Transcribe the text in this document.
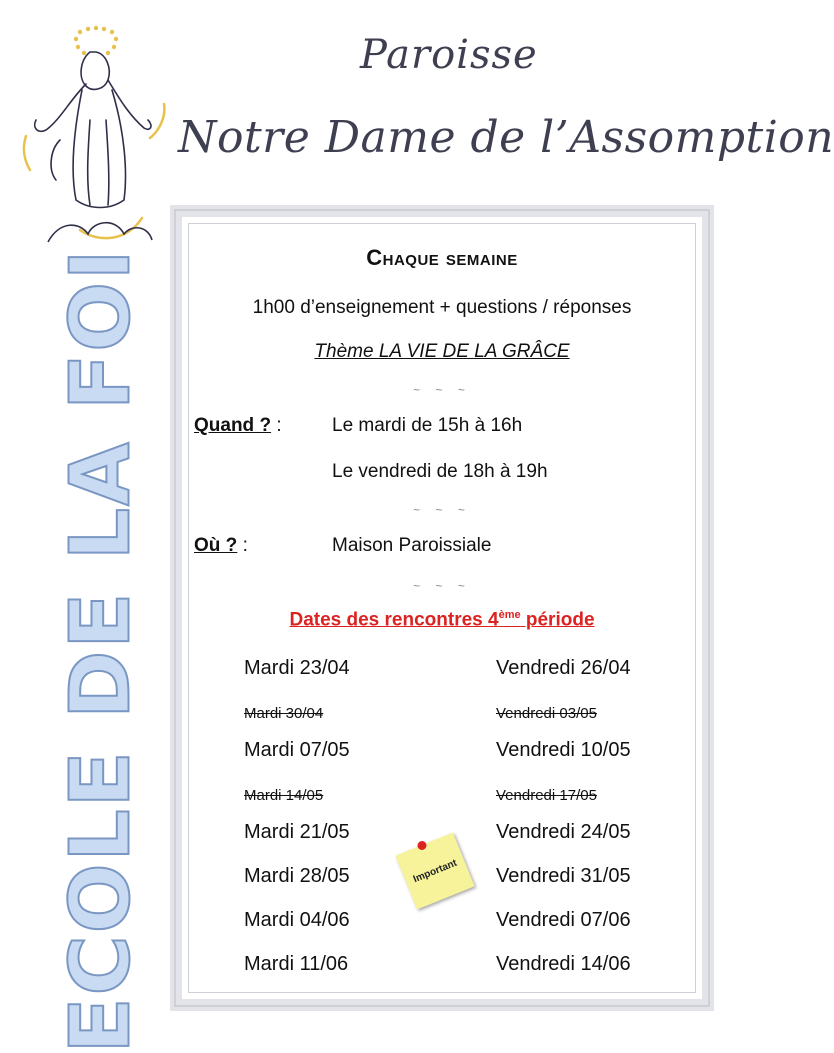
Paroisse
Notre Dame de l’Assomption
ECOLE DE LA FOI	Chaque semaine
1h00 d’enseignement + questions / réponses
Thème LA VIE DE LA GRÂCE
~ ~ ~
Quand ? :	Le mardi de 15h à 16h
Le vendredi de 18h à 19h
~ ~ ~
Où ? :	Maison Paroissiale
~ ~ ~
Dates des rencontres 4ème période
Mardi 23/04	Vendredi 26/04
Mardi 30/04	Vendredi 03/05
Mardi 07/05	Vendredi 10/05
Mardi 14/05	Vendredi 17/05
Mardi 21/05	Vendredi 24/05
Mardi 28/05	Vendredi 31/05
Mardi 04/06	Vendredi 07/06
Mardi 11/06	Vendredi 14/06
Important
